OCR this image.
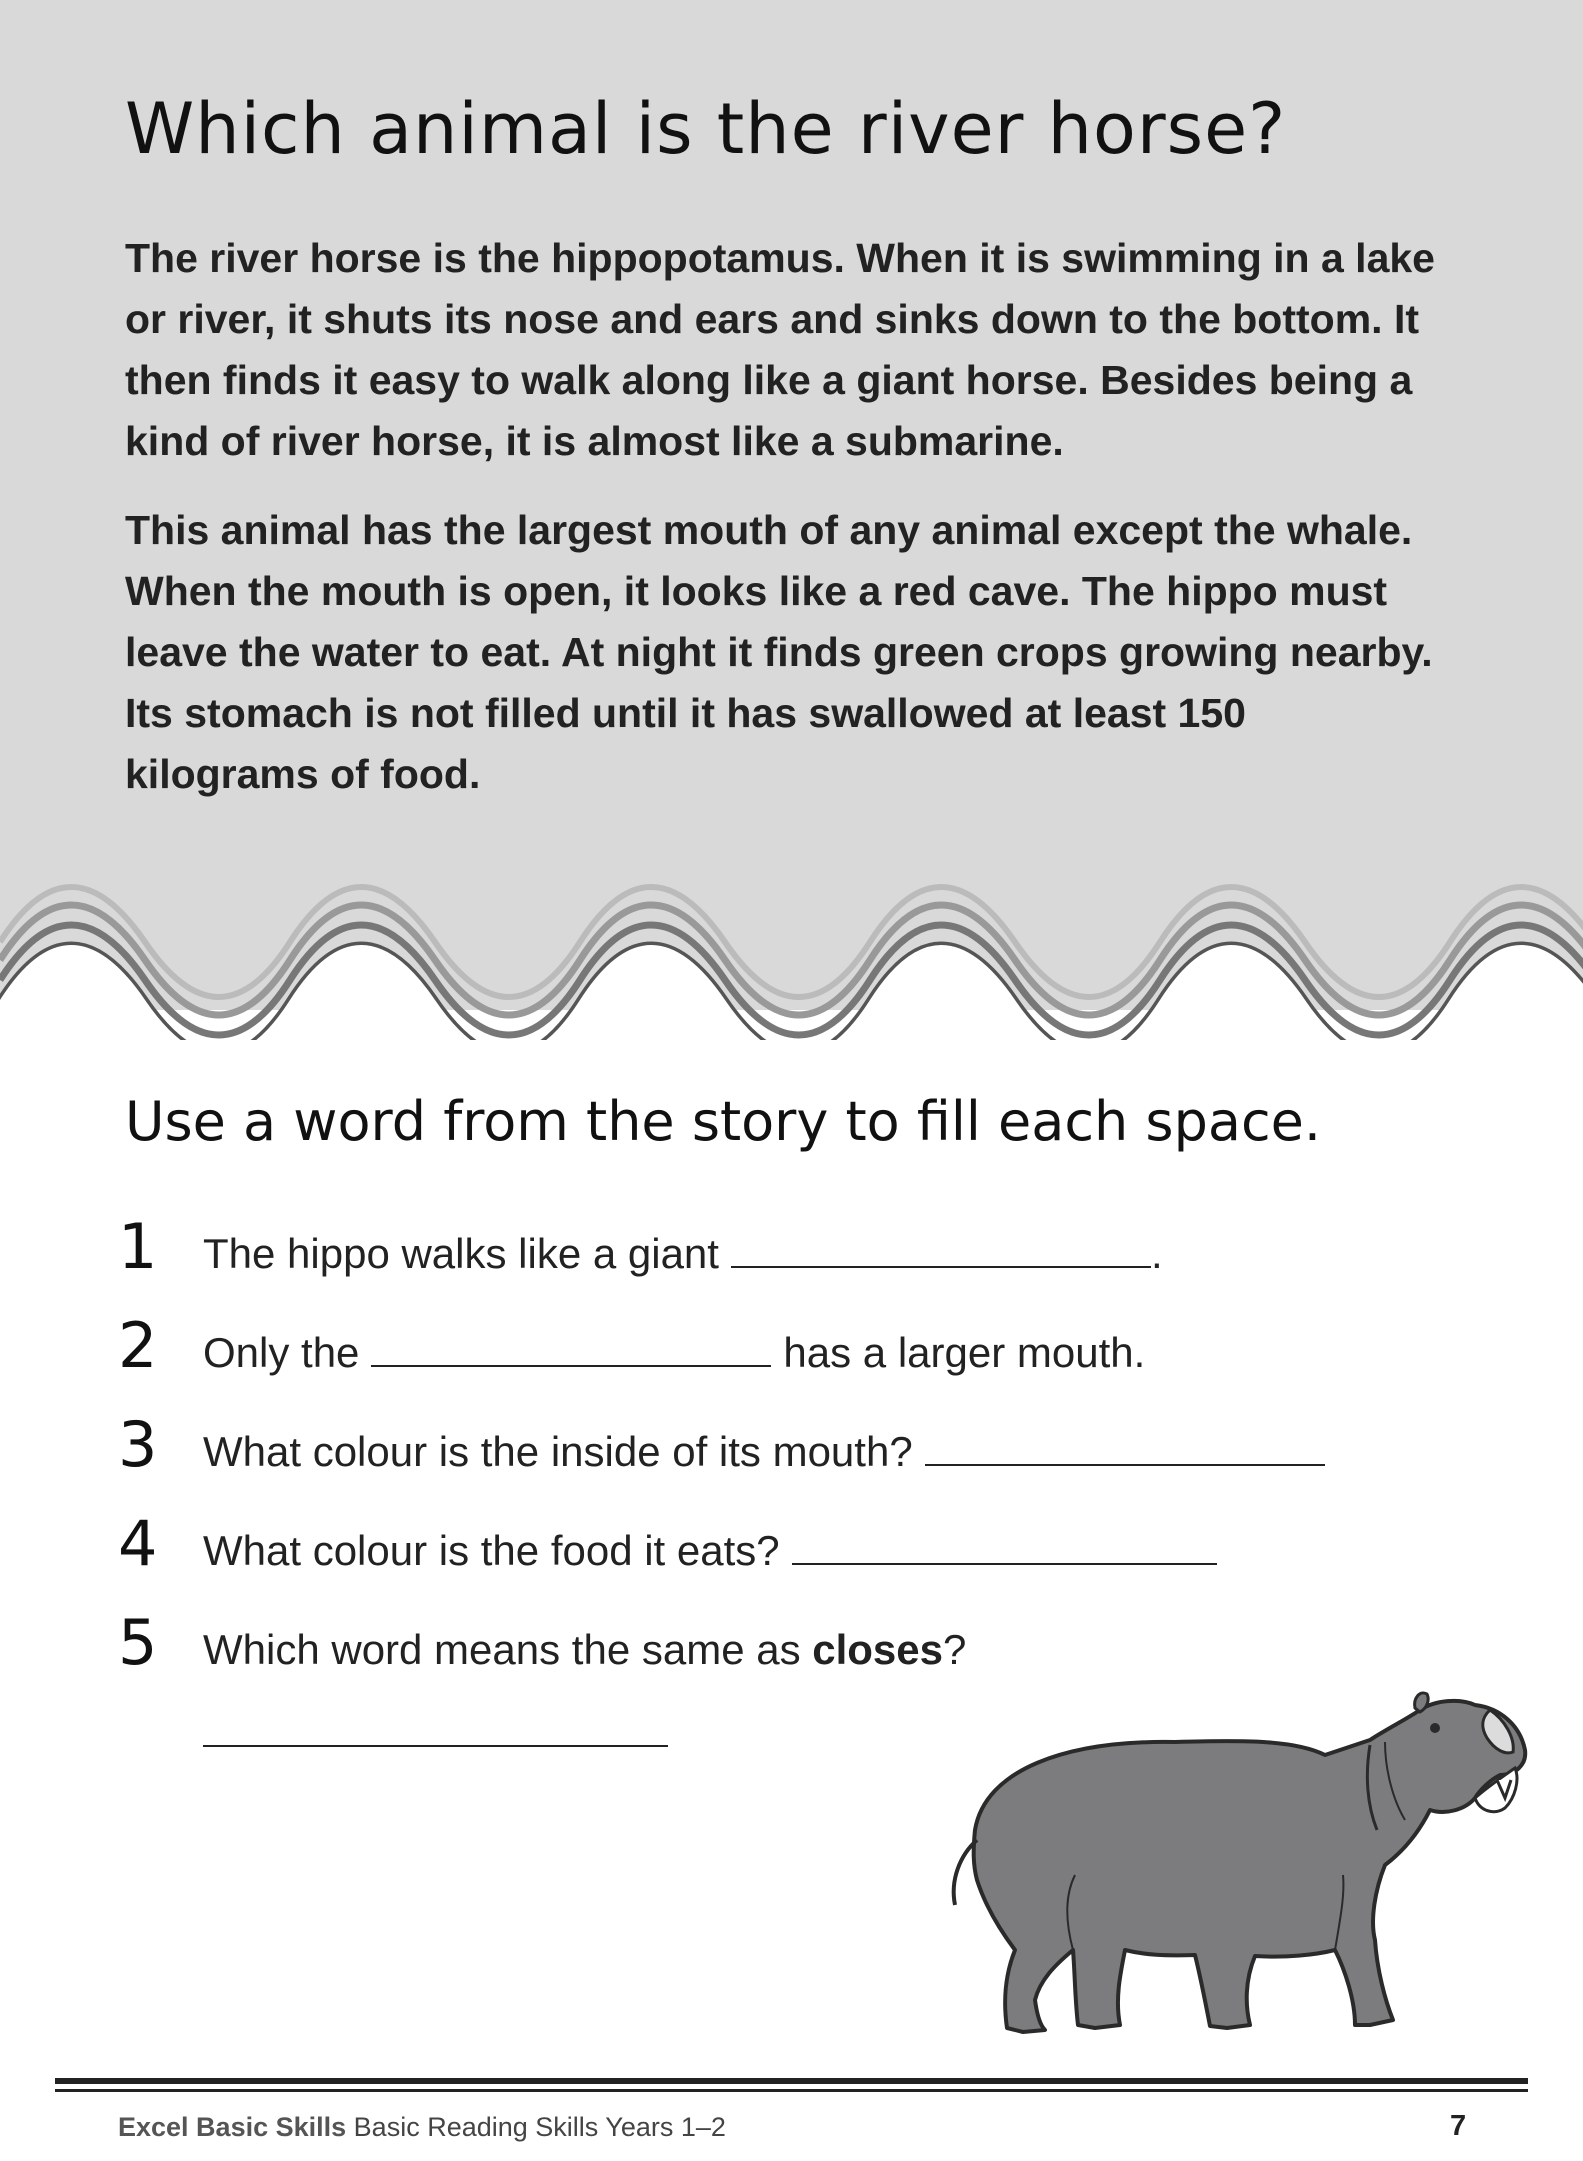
Which animal is the river horse?

The river horse is the hippopotamus. When it is swimming in a lake or river, it shuts its nose and ears and sinks down to the bottom. It then finds it easy to walk along like a giant horse. Besides being a kind of river horse, it is almost like a submarine.

This animal has the largest mouth of any animal except the whale. When the mouth is open, it looks like a red cave. The hippo must leave the water to eat. At night it finds green crops growing nearby. Its stomach is not filled until it has swallowed at least 150 kilograms of food.

Use a word from the story to fill each space.
1	The hippo walks like a giant	.
2	Only the	has a larger mouth.
3	What colour is the inside of its mouth?
4	What colour is the food it eats?
5	Which word means the same as
closes ?
Excel Basic Skills Basic Reading Skills Years 1–2	7
